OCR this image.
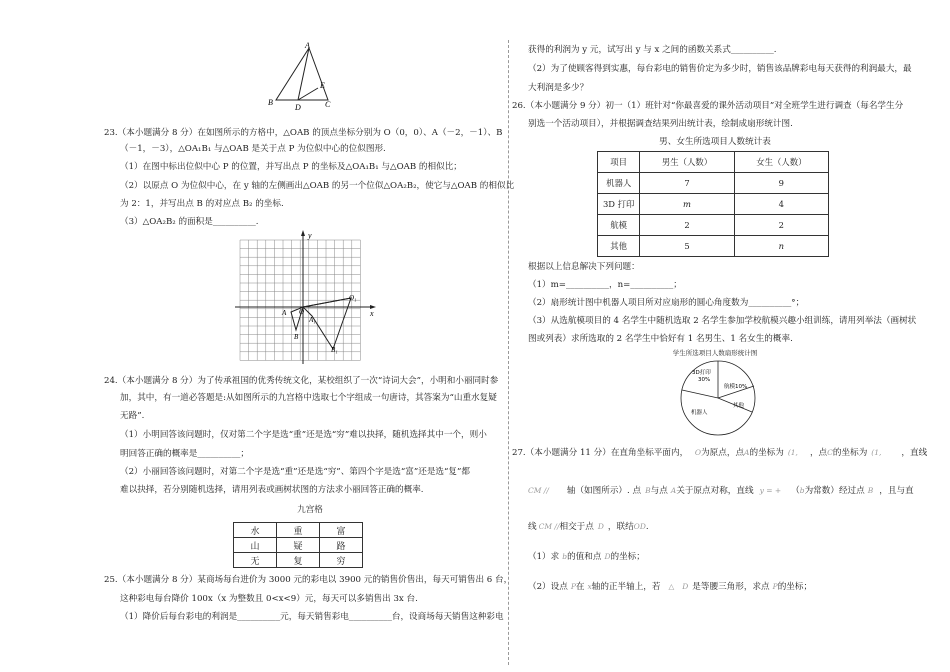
A
E
B
D	C
23.（本小题满分 8 分）在如图所示的方格中，△OAB 的顶点坐标分别为 O（0，0）、A（－2，－1）、B
（－1，－3），△OA₁B₁ 与△OAB 是关于点 P 为位似中心的位似图形.
（1）在图中标出位似中心 P 的位置，并写出点 P 的坐标及△OA₁B₁ 与△OAB 的相似比；
（2）以原点 O 为位似中心，在 y 轴的左侧画出△OAB 的另一个位似△OA₂B₂，使它与△OAB 的相似比
为 2：1，并写出点 B 的对应点 B₂ 的坐标.
（3）△OA₂B₂ 的面积是__________.
y
x
A O
A₁
O₁
B
B₁
24.（本小题满分 8 分）为了传承祖国的优秀传统文化，某校组织了一次“诗词大会”，小明和小丽同时参
加，其中，有一道必答题是:从如图所示的九宫格中选取七个字组成一句唐诗，其答案为“山重水复疑
无路”.
（1）小明回答该问题时，仅对第二个字是选“重”还是选“穷”难以抉择，随机选择其中一个，则小
明回答正确的概率是__________；
（2）小丽回答该问题时，对第二个字是选“重”还是选“穷”、第四个字是选“富”还是选“复”都
难以抉择，若分别随机选择，请用列表或画树状图的方法求小丽回答正确的概率.
九宫格
水	重	富
山	疑	路
无	复	穷
25.（本小题满分 8 分）某商场每台进价为 3000 元的彩电以 3900 元的销售价售出，每天可销售出 6 台，
这种彩电每台降价 100x（x 为整数且 0<x<9）元，每天可以多销售出 3x 台.
（1）降价后每台彩电的利润是__________元，每天销售彩电__________台，设商场每天销售这种彩电
获得的利润为 y 元，试写出 y 与 x 之间的函数关系式__________.
（2）为了使顾客得到实惠，每台彩电的销售价定为多少时，销售该品牌彩电每天获得的利润最大，最
大利润是多少？
26.（本小题满分 9 分）初一（1）班针对“你最喜爱的课外活动项目”对全班学生进行调查（每名学生分
别选一个活动项目），并根据调查结果列出统计表，绘制成扇形统计图.
男、女生所选项目人数统计表
项目	男生（人数）	女生（人数）
机器人	7	9
3D 打印	m	4
航模	2	2
其他	5	n
根据以上信息解决下列问题：
（1）m=__________，n=__________；
（2）扇形统计图中机器人项目所对应扇形的圆心角度数为__________°；
（3）从选航模项目的 4 名学生中随机选取 2 名学生参加学校航模兴趣小组训练，请用列举法（画树状
图或列表）求所选取的 2 名学生中恰好有 1 名男生、1 名女生的概率.
学生所选项目人数扇形统计图
3D打印
30%
航模10%
机器人
其他
27.（本小题满分 11 分）在直角坐标平面内， O为原点，点A的坐标为 (1, ，点C的坐标为 (1, ，直线
CM // 轴（如图所示）. 点 B与点 A关于原点对称，直线 y = + （b为常数）经过点 B ，且与直
线 CM //相交于点 D ，联结OD.
（1）求 b的值和点 D的坐标；
（2）设点 P在 x轴的正半轴上，若 △ D 是等腰三角形，求点 P的坐标；
